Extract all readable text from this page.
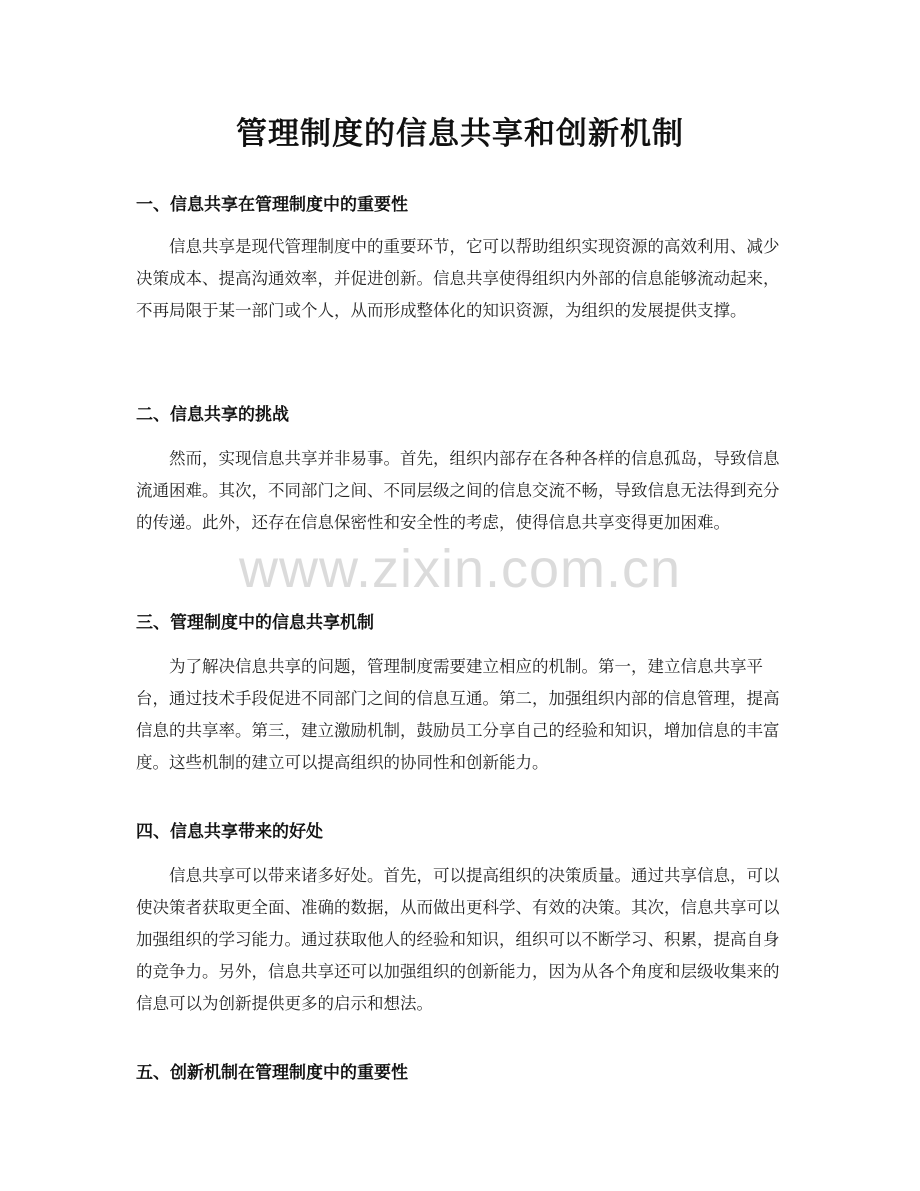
管理制度的信息共享和创新机制
一、信息共享在管理制度中的重要性

信息共享是现代管理制度中的重要环节，它可以帮助组织实现资源的高效利用、减少决策成本、提高沟通效率，并促进创新。信息共享使得组织内外部的信息能够流动起来，不再局限于某一部门或个人，从而形成整体化的知识资源，为组织的发展提供支撑。

二、信息共享的挑战

然而，实现信息共享并非易事。首先，组织内部存在各种各样的信息孤岛，导致信息流通困难。其次，不同部门之间、不同层级之间的信息交流不畅，导致信息无法得到充分的传递。此外，还存在信息保密性和安全性的考虑，使得信息共享变得更加困难。

三、管理制度中的信息共享机制

为了解决信息共享的问题，管理制度需要建立相应的机制。第一，建立信息共享平台，通过技术手段促进不同部门之间的信息互通。第二，加强组织内部的信息管理，提高信息的共享率。第三，建立激励机制，鼓励员工分享自己的经验和知识，增加信息的丰富度。这些机制的建立可以提高组织的协同性和创新能力。

四、信息共享带来的好处

信息共享可以带来诸多好处。首先，可以提高组织的决策质量。通过共享信息，可以使决策者获取更全面、准确的数据，从而做出更科学、有效的决策。其次，信息共享可以加强组织的学习能力。通过获取他人的经验和知识，组织可以不断学习、积累，提高自身的竞争力。另外，信息共享还可以加强组织的创新能力，因为从各个角度和层级收集来的信息可以为创新提供更多的启示和想法。

五、创新机制在管理制度中的重要性
www.zixin.com.cn
